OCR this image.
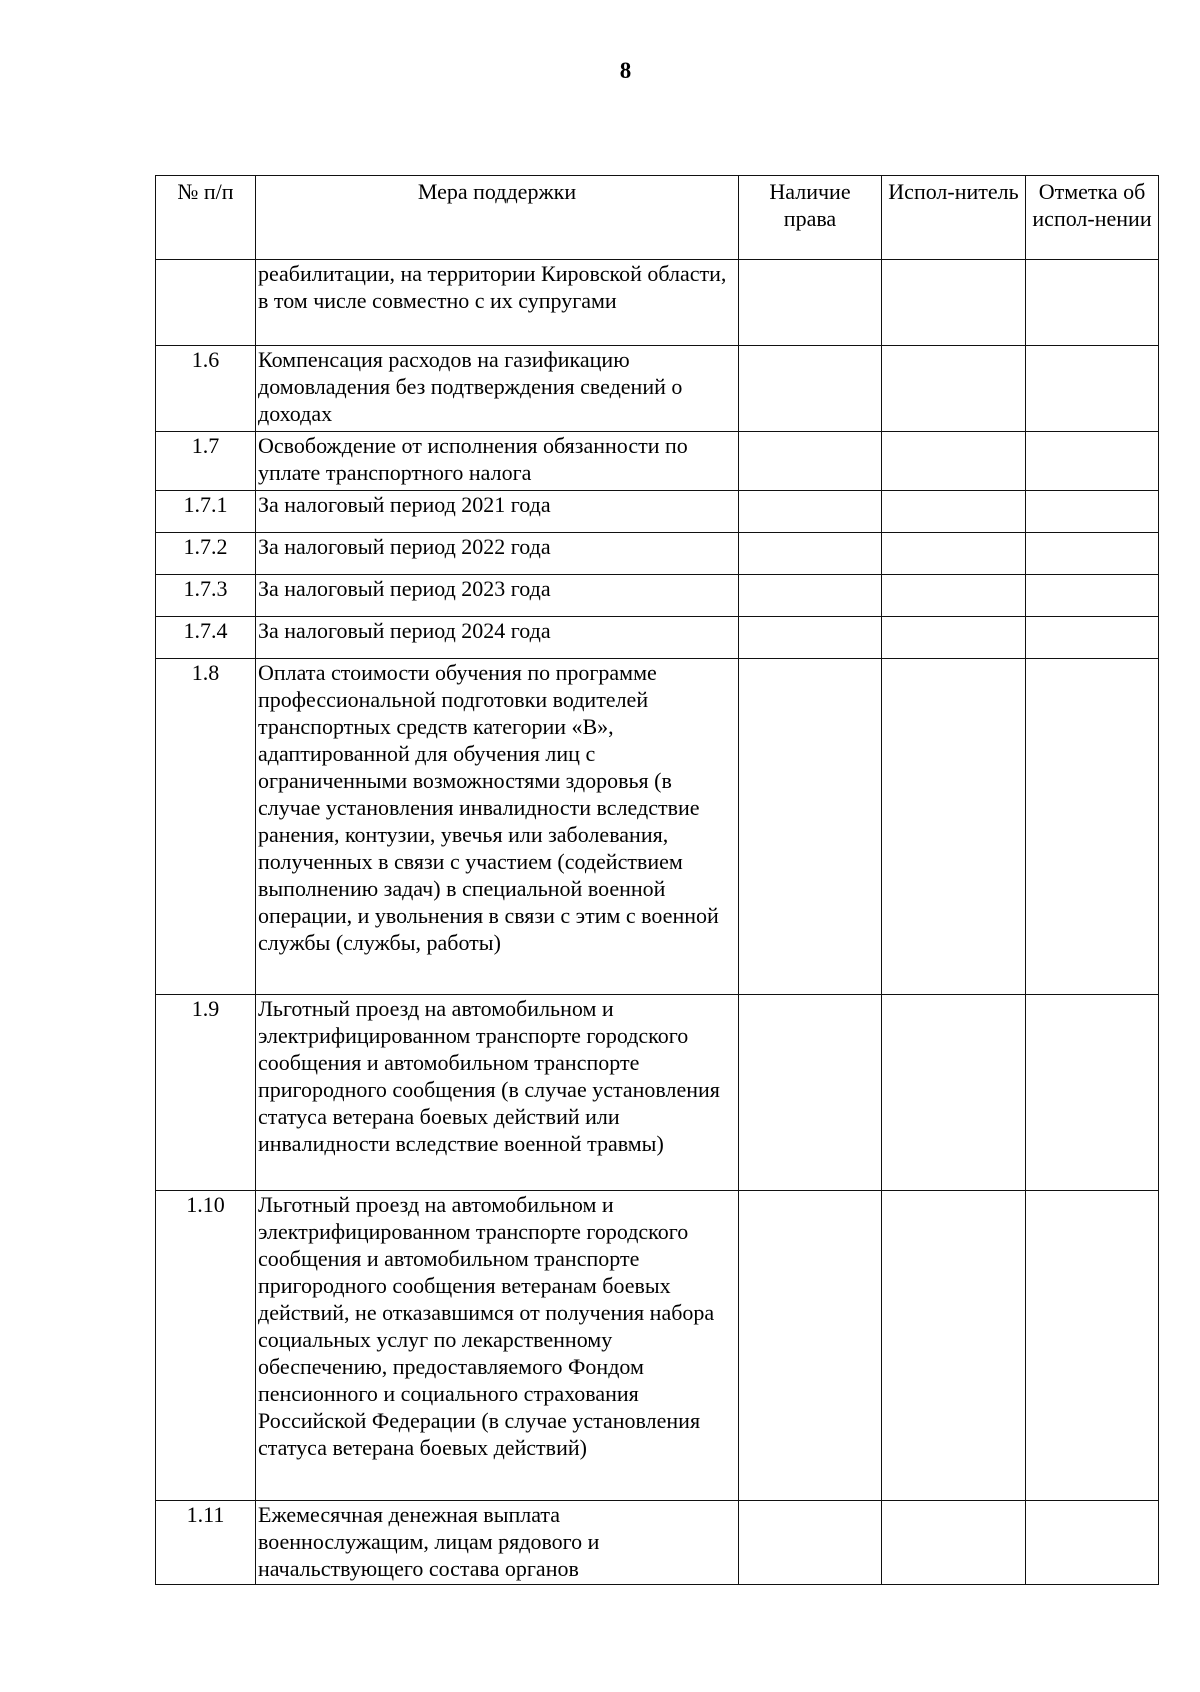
8
№ п/п	Мера поддержки	Наличие права	Испол-нитель	Отметка об испол-нении
	реабилитации, на территории Кировской области, в том числе совместно с их супругами			
1.6	Компенсация расходов на газификацию домовладения без подтверждения сведений о доходах			
1.7	Освобождение от исполнения обязанности по уплате транспортного налога			
1.7.1	За налоговый период 2021 года			
1.7.2	За налоговый период 2022 года			
1.7.3	За налоговый период 2023 года			
1.7.4	За налоговый период 2024 года			
1.8	Оплата стоимости обучения по программе профессиональной подготовки водителей транспортных средств категории «В», адаптированной для обучения лиц с ограниченными возможностями здоровья (в случае установления инвалидности вследствие ранения, контузии, увечья или заболевания, полученных в связи с участием (содействием выполнению задач) в специальной военной операции, и увольнения в связи с этим с военной службы (службы, работы)			
1.9	Льготный проезд на автомобильном и электрифицированном транспорте городского сообщения и автомобильном транспорте пригородного сообщения (в случае установления статуса ветерана боевых действий или инвалидности вследствие военной травмы)			
1.10	Льготный проезд на автомобильном и электрифицированном транспорте городского сообщения и автомобильном транспорте пригородного сообщения ветеранам боевых действий, не отказавшимся от получения набора социальных услуг по лекарственному обеспечению, предоставляемого Фондом пенсионного и социального страхования Российской Федерации (в случае установления статуса ветерана боевых действий)			
1.11	Ежемесячная денежная выплата военнослужащим, лицам рядового и начальствующего состава органов			
